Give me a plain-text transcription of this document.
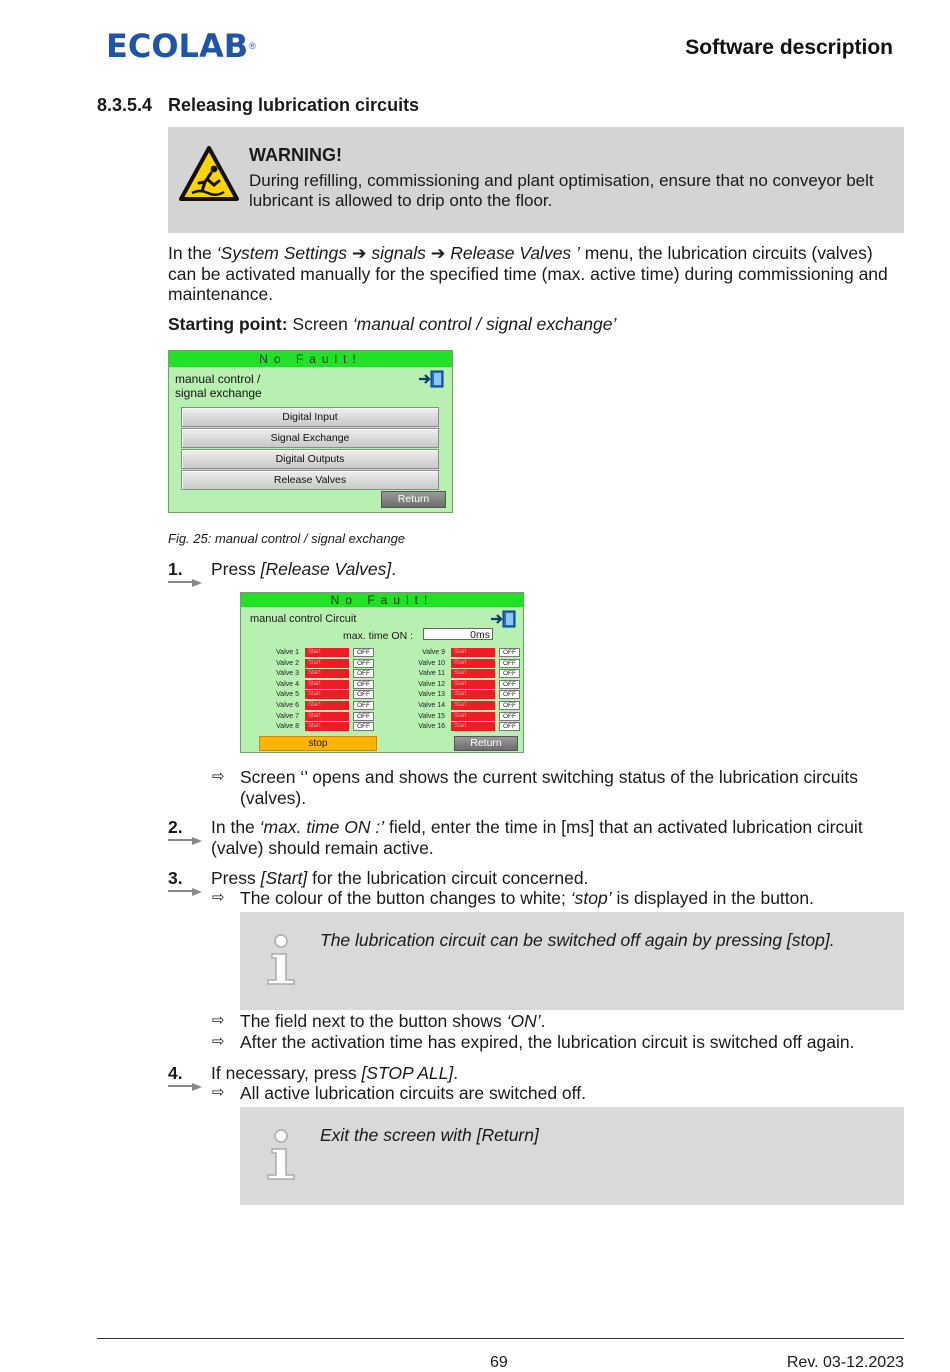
ECOLAB ®	Software description
8.3.5.4 Releasing lubrication circuits
WARNING!
During refilling, commissioning and plant optimisation, ensure that no conveyor belt lubricant is allowed to drip onto the floor.
In the ‘System Settings ➔ signals ➔ Release Valves ’ menu, the lubrication circuits (valves) can be activated manually for the specified time (max. active time) during commissioning and maintenance.
Starting point: Screen ‘manual control / signal exchange’
No Fault!
manual control /
signal exchange
Digital Input
Signal Exchange
Digital Outputs
Release Valves
Return
Fig. 25: manual control / signal exchange
1. Press [Release Valves].
No Fault!
manual control Circuit
max. time ON :	0ms
Valve 1	Start	OFF
Valve 2	Start	OFF
Valve 3	Start	OFF
Valve 4	Start	OFF
Valve 5	Start	OFF
Valve 6	Start	OFF
Valve 7	Start	OFF
Valve 8	Start	OFF
Valve 9	Start	OFF
Valve 10	Start	OFF
Valve 11	Start	OFF
Valve 12	Start	OFF
Valve 13	Start	OFF
Valve 14	Start	OFF
Valve 15	Start	OFF
Valve 16	Start	OFF
stop	Return
⇨ Screen ‘’ opens and shows the current switching status of the lubrication circuits (valves).
2. In the ‘max. time ON :’ field, enter the time in [ms] that an activated lubrication circuit (valve) should remain active.
3. Press [Start] for the lubrication circuit concerned.
⇨ The colour of the button changes to white; ‘stop’ is displayed in the button.
The lubrication circuit can be switched off again by pressing [stop].
⇨ The field next to the button shows ‘ON’.
⇨ After the activation time has expired, the lubrication circuit is switched off again.
4. If necessary, press [STOP ALL].
⇨ All active lubrication circuits are switched off.
Exit the screen with [Return]
69	Rev. 03-12.2023
